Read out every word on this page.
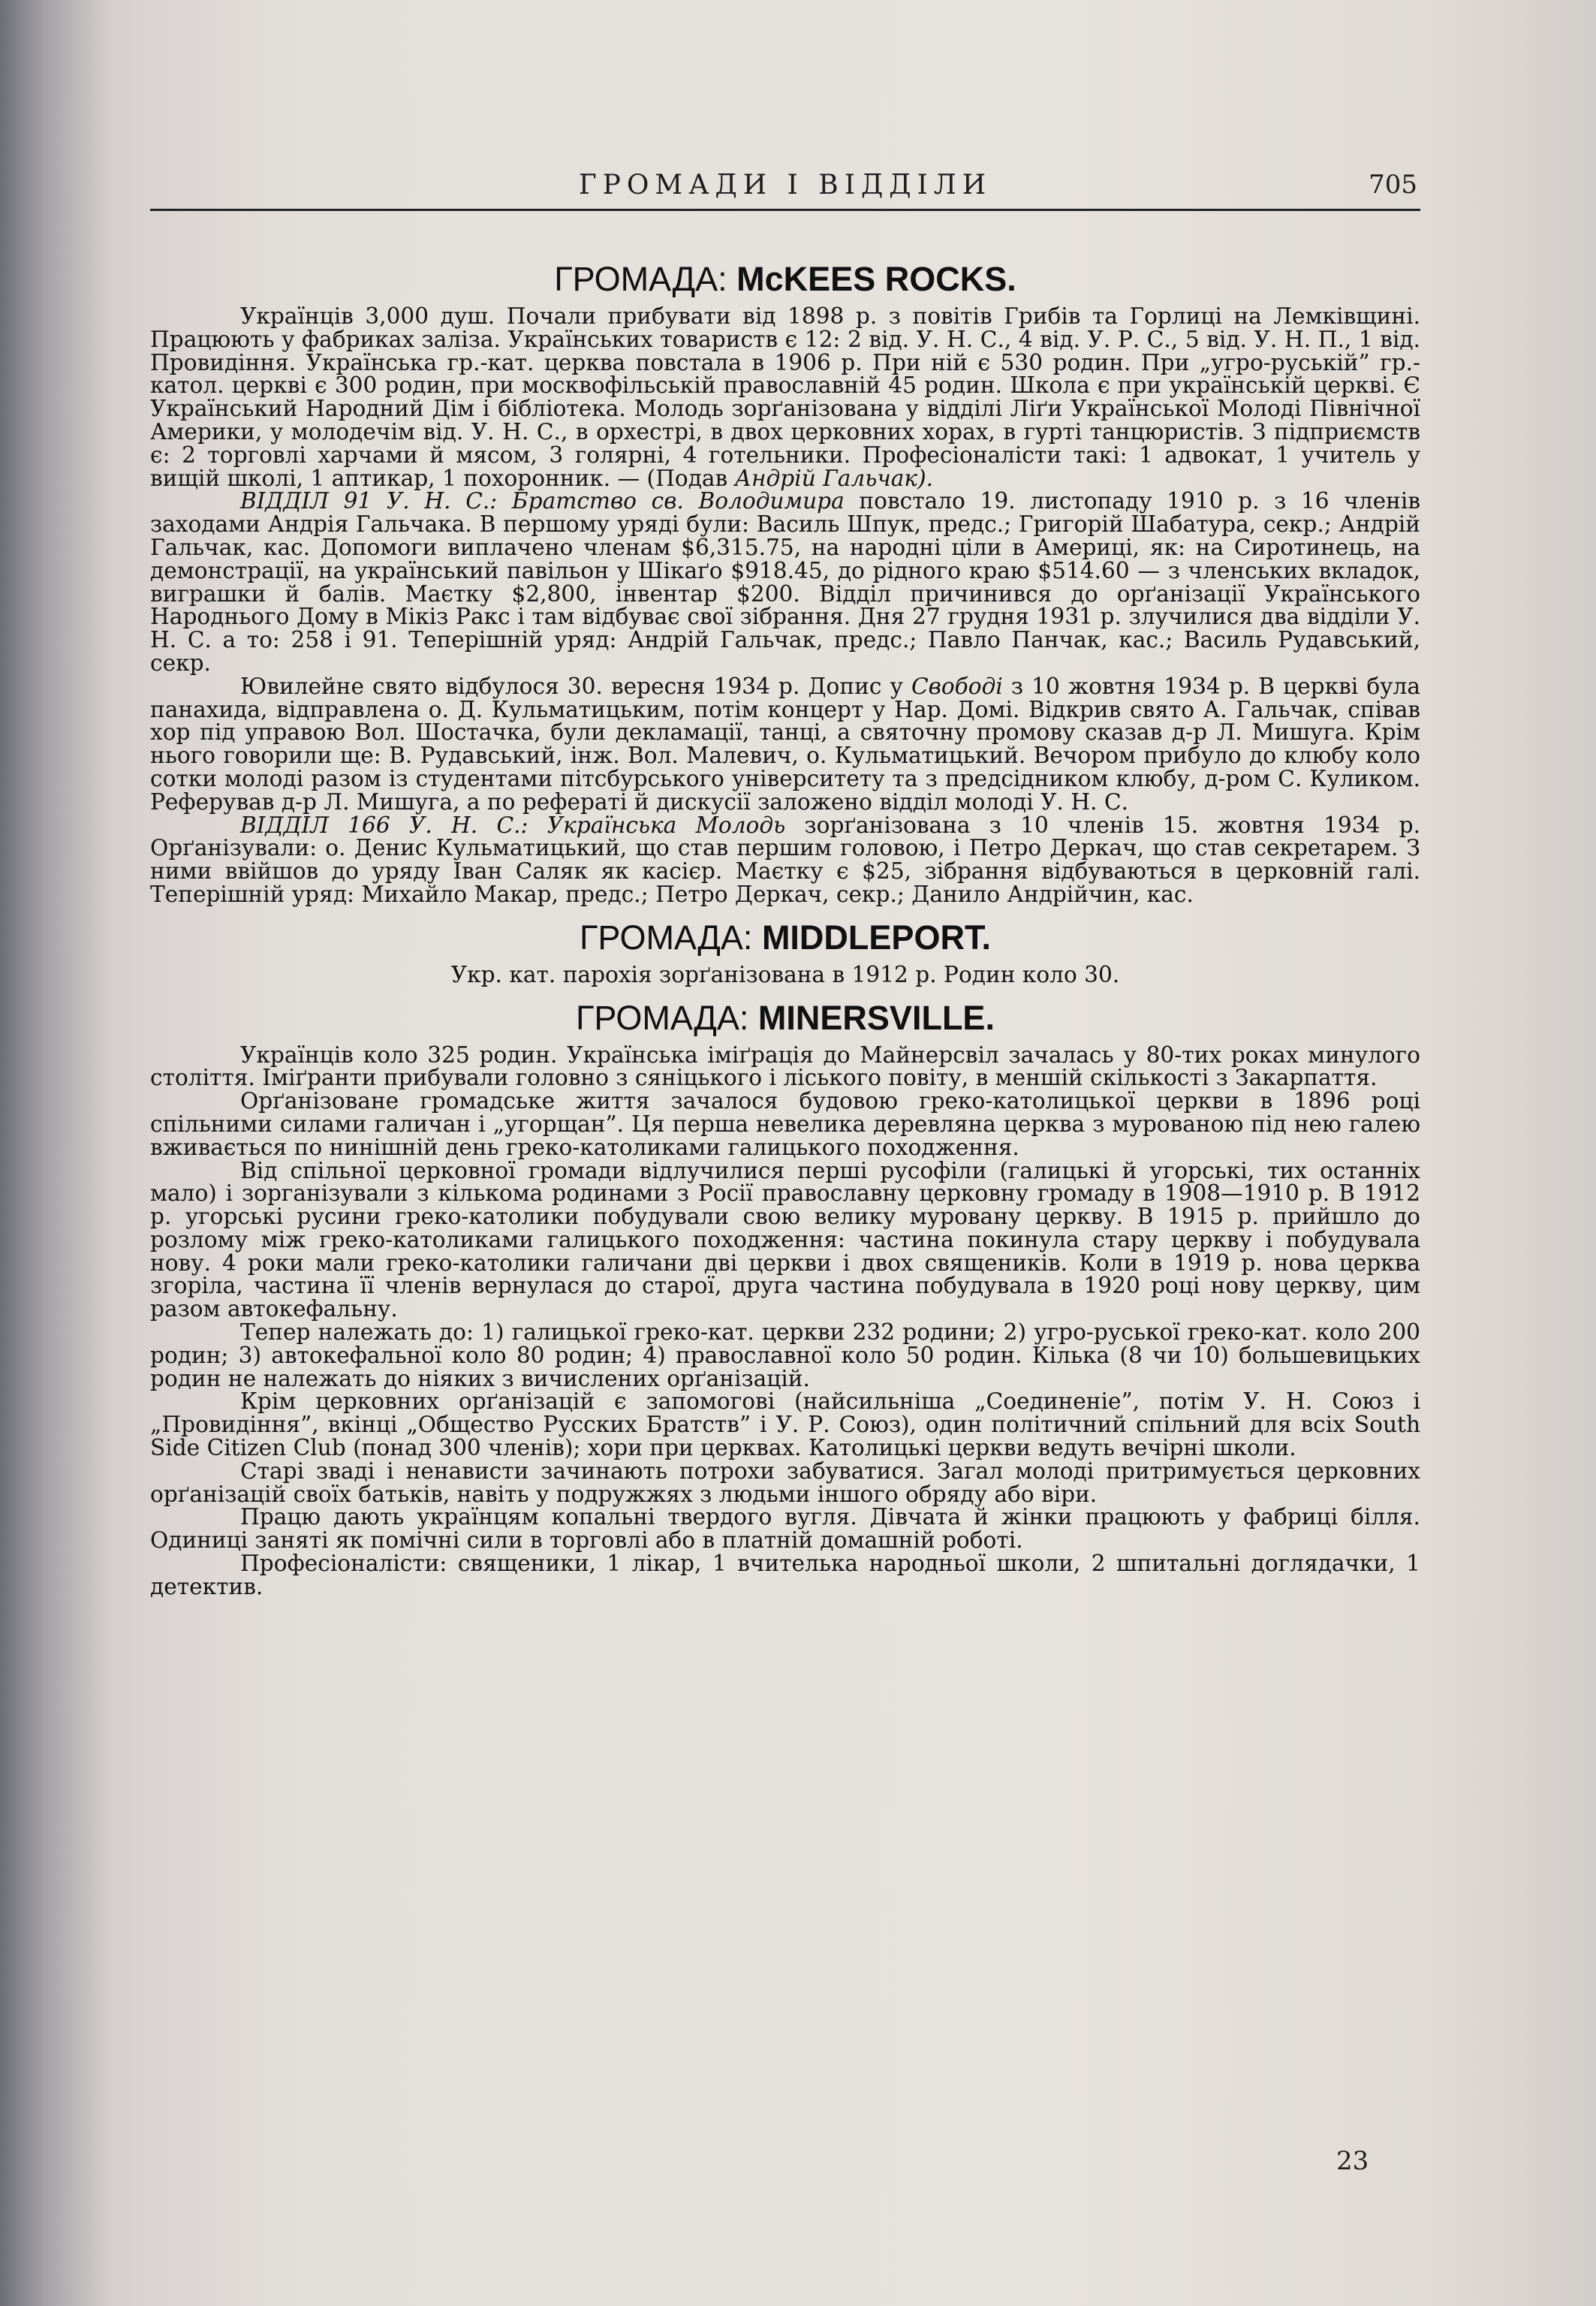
ГРОМАДИ І ВІДДІЛИ	705
ГРОМАДА: McKEES ROCKS.

Українців 3,000 душ. Почали прибувати від 1898 р. з повітів Грибів та Горлиці на Лемківщині. Працюють у фабриках заліза. Українських товариств є 12: 2 від. У. Н. С., 4 від. У. Р. С., 5 від. У. Н. П., 1 від. Провидіння. Українська гр.-кат. церква повстала в 1906 р. При ній є 530 родин. При „угро-руській” гр.-катол. церкві є 300 родин, при москвофільській православній 45 родин. Школа є при українській церкві. Є Український Народний Дім і бібліотека. Молодь зорґанізована у відділі Ліґи Української Молоді Північної Америки, у молодечім від. У. Н. С., в орхестрі, в двох церковних хорах, в гурті танцюристів. З підприємств є: 2 торговлі харчами й мясом, 3 голярні, 4 готельники. Професіоналісти такі: 1 адвокат, 1 учитель у вищій школі, 1 аптикар, 1 похоронник. — (Подав Андрій Гальчак).

ВІДДІЛ 91 У. Н. С.: Братство св. Володимира повстало 19. листопаду 1910 р. з 16 членів заходами Андрія Гальчака. В першому уряді були: Василь Шпук, предс.; Григорій Шабатура, секр.; Андрій Гальчак, кас. Допомоги виплачено членам $6,315.75, на народні ціли в Америці, як: на Сиротинець, на демонстрації, на український павільон у Шікаґо $918.45, до рідного краю $514.60 — з членських вкладок, виграшки й балів. Маєтку $2,800, інвентар $200. Відділ причинився до орґанізації Українського Народнього Дому в Мікіз Ракс і там відбуває свої зібрання. Дня 27 грудня 1931 р. злучилися два відділи У. Н. С. а то: 258 і 91. Теперішній уряд: Андрій Гальчак, предс.; Павло Панчак, кас.; Василь Рудавський, секр.

Ювилейне свято відбулося 30. вересня 1934 р. Допис у Свободі з 10 жовтня 1934 р. В церкві була панахида, відправлена о. Д. Кульматицьким, потім концерт у Нар. Домі. Відкрив свято А. Гальчак, співав хор під управою Вол. Шостачка, були декламації, танці, а святочну промову сказав д-р Л. Мишуга. Крім нього говорили ще: В. Рудавський, інж. Вол. Малевич, о. Кульматицький. Вечором прибуло до клюбу коло сотки молоді разом із студентами пітсбурського університету та з предсідником клюбу, д-ром С. Куликом. Реферував д-р Л. Мишуга, а по рефераті й дискусії заложено відділ молоді У. Н. С.

ВІДДІЛ 166 У. Н. С.: Українська Молодь зорґанізована з 10 членів 15. жовтня 1934 р. Орґанізували: о. Денис Кульматицький, що став першим головою, і Петро Деркач, що став секретарем. З ними ввійшов до уряду Іван Саляк як касієр. Маєтку є $25, зібрання відбуваються в церковній галі. Теперішній уряд: Михайло Макар, предс.; Петро Деркач, секр.; Данило Андрійчин, кас.

ГРОМАДА: MIDDLEPORT.

Укр. кат. парохія зорґанізована в 1912 р. Родин коло 30.

ГРОМАДА: MINERSVILLE.

Українців коло 325 родин. Українська іміґрація до Майнерсвіл зачалась у 80-тих роках минулого століття. Іміґранти прибували головно з сяніцького і ліського повіту, в меншій скількості з Закарпаття.

Орґанізоване громадське життя зачалося будовою греко-католицької церкви в 1896 році спільними силами галичан і „угорщан”. Ця перша невелика деревляна церква з мурованою під нею галею вживається по нинішній день греко-католиками галицького походження.

Від спільної церковної громади відлучилися перші русофіли (галицькі й угорські, тих останніх мало) і зорганізували з кількома родинами з Росії православну церковну громаду в 1908—1910 р. В 1912 р. угорські русини греко-католики побудували свою велику муровану церкву. В 1915 р. прийшло до розлому між греко-католиками галицького походження: частина покинула стару церкву і побудувала нову. 4 роки мали греко-католики галичани дві церкви і двох священиків. Коли в 1919 р. нова церква згоріла, частина її членів вернулася до старої, друга частина побудувала в 1920 році нову церкву, цим разом автокефальну.

Тепер належать до: 1) галицької греко-кат. церкви 232 родини; 2) угро-руської греко-кат. коло 200 родин; 3) автокефальної коло 80 родин; 4) православної коло 50 родин. Кілька (8 чи 10) большевицьких родин не належать до ніяких з вичислених орґанізацій.

Крім церковних орґанізацій є запомогові (найсильніша „Соединеніе”, потім У. Н. Союз і „Провидіння”, вкінці „Общество Русских Братств” і У. Р. Союз), один політичний спільний для всіх South Side Citizen Club (понад 300 членів); хори при церквах. Католицькі церкви ведуть вечірні школи.

Старі зваді і ненависти зачинають потрохи забуватися. Загал молоді притримується церковних орґанізацій своїх батьків, навіть у подружжях з людьми іншого обряду або віри.

Працю дають українцям копальні твердого вугля. Дівчата й жінки працюють у фабриці білля. Одиниці заняті як помічні сили в торговлі або в платній домашній роботі.

Професіоналісти: священики, 1 лікар, 1 вчителька народньої школи, 2 шпитальні доглядачки, 1 детектив.

23
